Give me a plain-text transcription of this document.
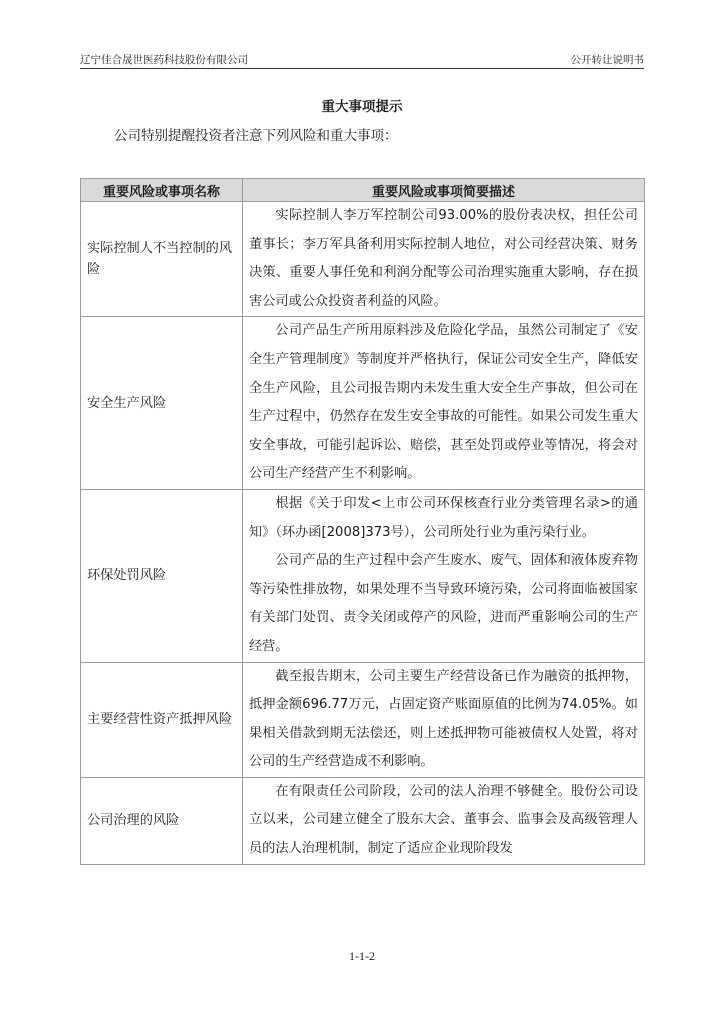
辽宁佳合晟世医药科技股份有限公司	公开转让说明书
重大事项提示
公司特别提醒投资者注意下列风险和重大事项：
重要风险或事项名称	重要风险或事项简要描述
实际控制人不当控制的风险	实际控制人李万军控制公司93.00%的股份表决权，担任公司董事长；李万军具备利用实际控制人地位，对公司经营决策、财务决策、重要人事任免和利润分配等公司治理实施重大影响，存在损害公司或公众投资者利益的风险。

安全生产风险	公司产品生产所用原料涉及危险化学品，虽然公司制定了《安全生产管理制度》等制度并严格执行，保证公司安全生产，降低安全生产风险，且公司报告期内未发生重大安全生产事故，但公司在生产过程中，仍然存在发生安全事故的可能性。如果公司发生重大安全事故，可能引起诉讼、赔偿，甚至处罚或停业等情况，将会对公司生产经营产生不利影响。

环保处罚风险	根据《关于印发<上市公司环保核查行业分类管理名录>的通知》（环办函[2008]373号），公司所处行业为重污染行业。

公司产品的生产过程中会产生废水、废气、固体和液体废弃物等污染性排放物，如果处理不当导致环境污染，公司将面临被国家有关部门处罚、责令关闭或停产的风险，进而严重影响公司的生产经营。

主要经营性资产抵押风险	截至报告期末，公司主要生产经营设备已作为融资的抵押物，抵押金额696.77万元，占固定资产账面原值的比例为74.05%。如果相关借款到期无法偿还，则上述抵押物可能被债权人处置，将对公司的生产经营造成不利影响。

公司治理的风险	在有限责任公司阶段，公司的法人治理不够健全。股份公司设立以来，公司建立健全了股东大会、董事会、监事会及高级管理人员的法人治理机制，制定了适应企业现阶段发

1-1-2
